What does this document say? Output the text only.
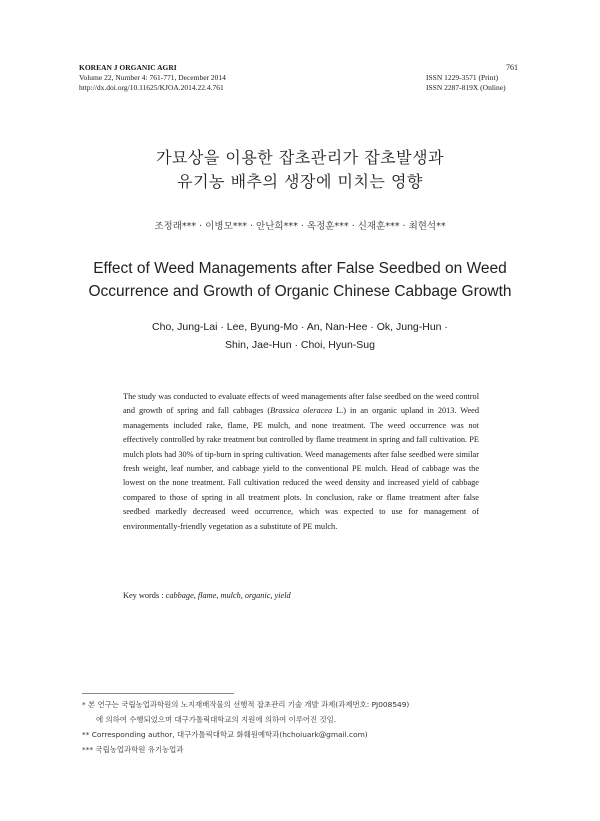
KOREAN J ORGANIC AGRI
Volume 22, Number 4: 761-771, December 2014
http://dx.doi.org/10.11625/KJOA.2014.22.4.761
761
ISSN 1229-3571 (Print)
ISSN 2287-819X (Online)
가묘상을 이용한 잡초관리가 잡초발생과
유기농 배추의 생장에 미치는 영향
조정래*** · 이병모*** · 안난희*** · 옥정훈*** · 신재훈*** · 최현석**
Effect of Weed Managements after False Seedbed on Weed
Occurrence and Growth of Organic Chinese Cabbage Growth
Cho, Jung-Lai · Lee, Byung-Mo · An, Nan-Hee · Ok, Jung-Hun ·
Shin, Jae-Hun · Choi, Hyun-Sug
The study was conducted to evaluate effects of weed managements after false seedbed on the weed control and growth of spring and fall cabbages (Brassica oleracea L.) in an organic upland in 2013. Weed managements included rake, flame, PE mulch, and none treatment. The weed occurrence was not effectively controlled by rake treatment but controlled by flame treatment in spring and fall cultivation. PE mulch plots had 30% of tip-burn in spring cultivation. Weed managements after false seedbed were similar fresh weight, leaf number, and cabbage yield to the conventional PE mulch. Head of cabbage was the lowest on the none treatment. Fall cultivation reduced the weed density and increased yield of cabbage compared to those of spring in all treatment plots. In conclusion, rake or flame treatment after false seedbed markedly decreased weed occurrence, which was expected to use for management of environmentally-friendly vegetation as a substitute of PE mulch.
Key words : cabbage, flame, mulch, organic, yield
* 본 연구는 국립농업과학원의 노지재배작물의 선행적 잡초관리 기술 개발 과제(과제번호: PJ008549)
에 의하여 수행되었으며 대구가톨릭대학교의 지원에 의하여 이루어진 것임.
** Corresponding author, 대구가톨릭대학교 화훼원예학과(hchoiuark@gmail.com)
*** 국립농업과학원 유기농업과
